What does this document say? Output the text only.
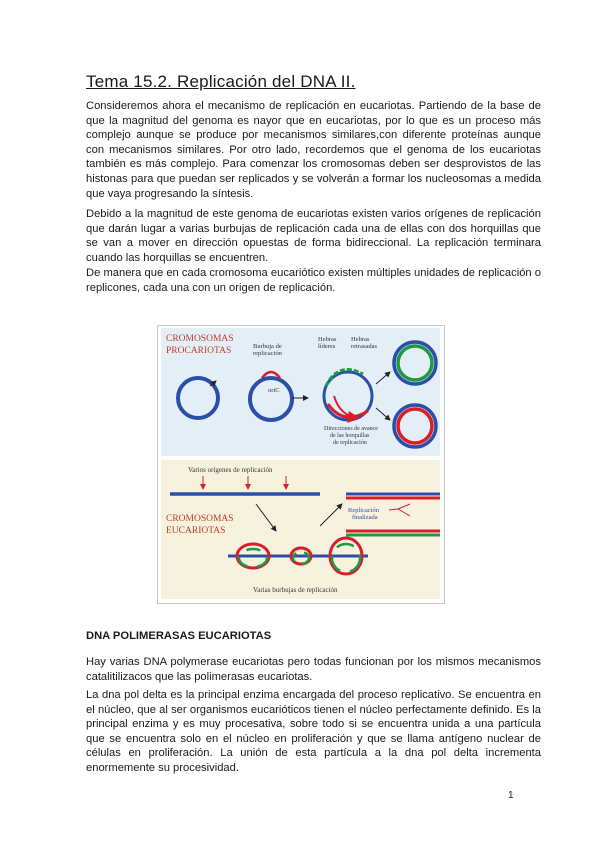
Tema 15.2. Replicación del DNA II.

Consideremos ahora el mecanismo de replicación en eucariotas. Partiendo de la base de que la magnitud del genoma es nayor que en eucariotas, por lo que es un proceso más complejo aunque se produce por mecanismos similares,con diferente proteínas aunque con mecanismos similares. Por otro lado, recordemos que el genoma de los eucariotas también es más complejo. Para comenzar los cromosomas deben ser desprovistos de las histonas para que puedan ser replicados y se volverán a formar los nucleosomas a medida que vaya progresando la síntesis.

Debido a la magnitud de este genoma de eucariotas existen varios orígenes de replicación que darán lugar a varias burbujas de replicación cada una de ellas con dos horquillas que se van a mover en dirección opuestas de forma bidireccional. La replicación terminara cuando las horquillas se encuentren.

De manera que en cada cromosoma eucariótico existen múltiples unidades de replicación o replicones, cada una con un origen de replicación.

CROMOSOMAS
PROCARIOTAS	Burbuja de
replicación
oriC
Hebras
líderes
Hebras
retrasadas
Direcciones de avance
de las horquillas
de replicación
Varios orígenes de replicación
CROMOSOMAS
EUCARIOTAS
Replicación
finalizada
Varias burbujas de replicación
DNA POLIMERASAS EUCARIOTAS

Hay varias DNA polymerase eucariotas pero todas funcionan por los mismos mecanismos catalitilizacos que las polimerasas eucariotas.

La dna pol delta es la principal enzima encargada del proceso replicativo. Se encuentra en el núcleo, que al ser organismos eucarióticos tienen el núcleo perfectamente definido. Es la principal enzima y es muy procesativa, sobre todo si se encuentra unida a una partícula que se encuentra solo en el núcleo en proliferación y que se llama antígeno nuclear de células en proliferación. La unión de esta partícula a la dna pol delta incrementa enormemente su procesividad.

1
